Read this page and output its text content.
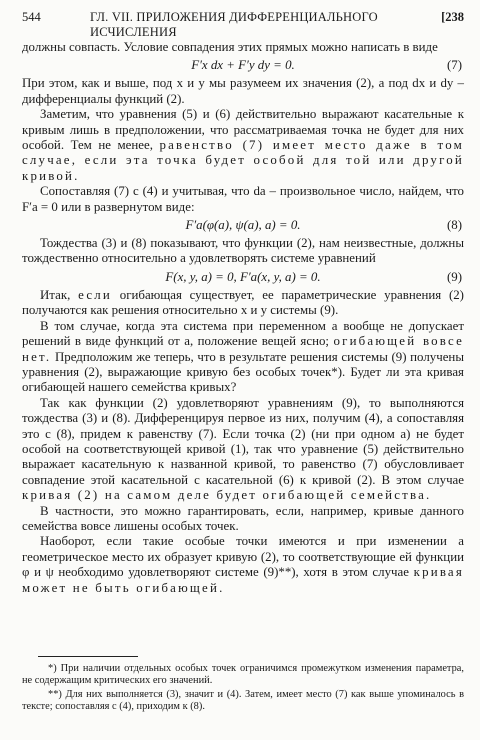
544	ГЛ. VII. ПРИЛОЖЕНИЯ ДИФФЕРЕНЦИАЛЬНОГО ИСЧИСЛЕНИЯ
[238

должны совпасть. Условие совпадения этих прямых можно написать в виде

F′x dx + F′y dy = 0.	(7)

При этом, как и выше, под x и y мы разумеем их значения (2), а под dx и dy – дифференциалы функций (2).

Заметим, что уравнения (5) и (6) действительно выражают касательные к кривым лишь в предположении, что рассматриваемая точка не будет для них особой. Тем не менее, равенство (7) имеет место даже в том случае, если эта точка будет особой для той или другой кривой.

Сопоставляя (7) с (4) и учитывая, что da – произвольное число, найдем, что F′a = 0 или в развернутом виде:

F′a(φ(a), ψ(a), a) = 0.	(8)

Тождества (3) и (8) показывают, что функции (2), нам неизвестные, должны тождественно относительно a удовлетворять системе уравнений

F(x, y, a) = 0, F′a(x, y, a) = 0.	(9)

Итак, если огибающая существует, ее параметрические уравнения (2) получаются как решения относительно x и y системы (9).

В том случае, когда эта система при переменном a вообще не допускает решений в виде функций от a, положение вещей ясно; огибающей вовсе нет. Предположим же теперь, что в результате решения системы (9) получены уравнения (2), выражающие кривую без особых точек*). Будет ли эта кривая огибающей нашего семейства кривых?

Так как функции (2) удовлетворяют уравнениям (9), то выполняются тождества (3) и (8). Дифференцируя первое из них, получим (4), а сопоставляя это с (8), придем к равенству (7). Если точка (2) (ни при одном a) не будет особой на соответствующей кривой (1), так что уравнение (5) действительно выражает касательную к названной кривой, то равенство (7) обусловливает совпадение этой касательной с касательной (6) к кривой (2). В этом случае кривая (2) на самом деле будет огибающей семейства.

В частности, это можно гарантировать, если, например, кривые данного семейства вовсе лишены особых точек.

Наоборот, если такие особые точки имеются и при изменении a геометрическое место их образует кривую (2), то соответствующие ей функции φ и ψ необходимо удовлетворяют системе (9)**), хотя в этом случае кривая может не быть огибающей.

*) При наличии отдельных особых точек ограничимся промежутком изменения параметра, не содержащим критических его значений.

**) Для них выполняется (3), значит и (4). Затем, имеет место (7) как выше упоминалось в тексте; сопоставляя с (4), приходим к (8).
